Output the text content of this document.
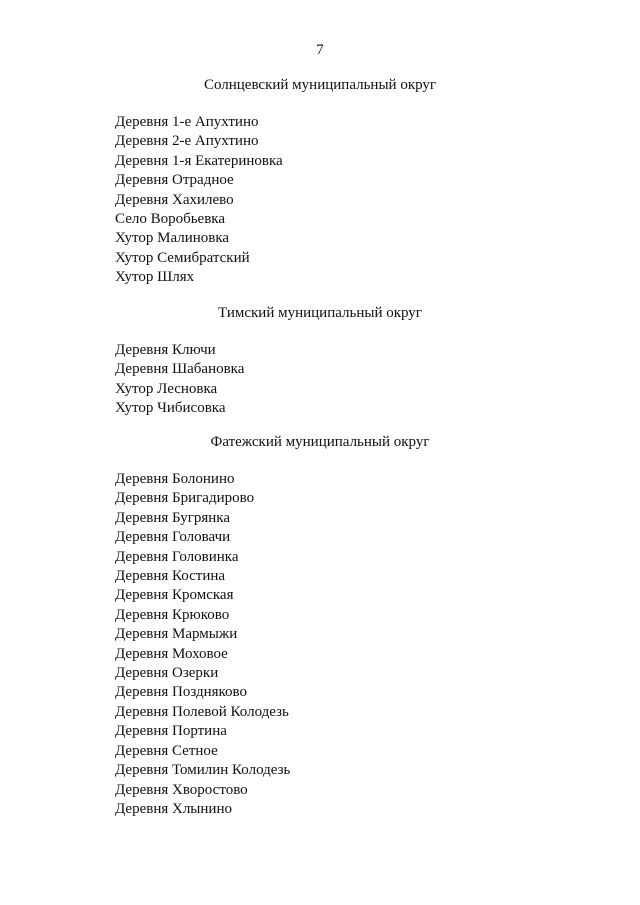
7
Солнцевский муниципальный округ
Деревня 1-е Апухтино
Деревня 2-е Апухтино
Деревня 1-я Екатериновка
Деревня Отрадное
Деревня Хахилево
Село Воробьевка
Хутор Малиновка
Хутор Семибратский
Хутор Шлях
Тимский муниципальный округ
Деревня Ключи
Деревня Шабановка
Хутор Лесновка
Хутор Чибисовка
Фатежский муниципальный округ
Деревня Болонино
Деревня Бригадирово
Деревня Бугрянка
Деревня Головачи
Деревня Головинка
Деревня Костина
Деревня Кромская
Деревня Крюково
Деревня Мармыжи
Деревня Моховое
Деревня Озерки
Деревня Поздняково
Деревня Полевой Колодезь
Деревня Портина
Деревня Сетное
Деревня Томилин Колодезь
Деревня Хворостово
Деревня Хлынино
